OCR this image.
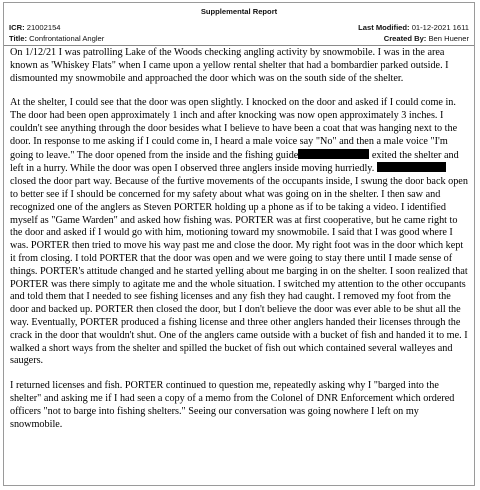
Supplemental Report
ICR: 21002154	Last Modified: 01-12-2021 1611
Title: Confrontational Angler	Created By: Ben Huener

On 1/12/21 I was patrolling Lake of the Woods checking angling activity by snowmobile. I was in the area known as 'Whiskey Flats" when I came upon a yellow rental shelter that had a bombardier parked outside. I dismounted my snowmobile and approached the door which was on the south side of the shelter.

At the shelter, I could see that the door was open slightly. I knocked on the door and asked if I could come in. The door had been open approximately 1 inch and after knocking was now open approximately 3 inches. I couldn't see anything through the door besides what I believe to have been a coat that was hanging next to the door. In response to me asking if I could come in, I heard a male voice say "No" and then a male voice "I'm going to leave." The door opened from the inside and the fishing guide	exited the shelter and left in a hurry. While the door was open I observed three anglers inside moving hurriedly.  closed the door part way. Because of the furtive movements of the occupants inside, I swung the door back open to better see if I should be concerned for my safety about what was going on in the shelter. I then saw and recognized one of the anglers as Steven PORTER holding up a phone as if to be taking a video. I identified myself as "Game Warden" and asked how fishing was. PORTER was at first cooperative, but he came right to the door and asked if I would go with him, motioning toward my snowmobile. I said that I was good where I was. PORTER then tried to move his way past me and close the door. My right foot was in the door which kept it from closing. I told PORTER that the door was open and we were going to stay there until I made sense of things. PORTER's attitude changed and he started yelling about me barging in on the shelter. I soon realized that PORTER was there simply to agitate me and the whole situation. I switched my attention to the other occupants and told them that I needed to see fishing licenses and any fish they had caught. I removed my foot from the door and backed up. PORTER then closed the door, but I don't believe the door was ever able to be shut all the way. Eventually, PORTER produced a fishing license and three other anglers handed their licenses through the crack in the door that wouldn't shut. One of the anglers came outside with a bucket of fish and handed it to me. I walked a short ways from the shelter and spilled the bucket of fish out which contained several walleyes and saugers.

I returned licenses and fish. PORTER continued to question me, repeatedly asking why I "barged into the shelter" and asking me if I had seen a copy of a memo from the Colonel of DNR Enforcement which ordered officers "not to barge into fishing shelters." Seeing our conversation was going nowhere I left on my snowmobile.
